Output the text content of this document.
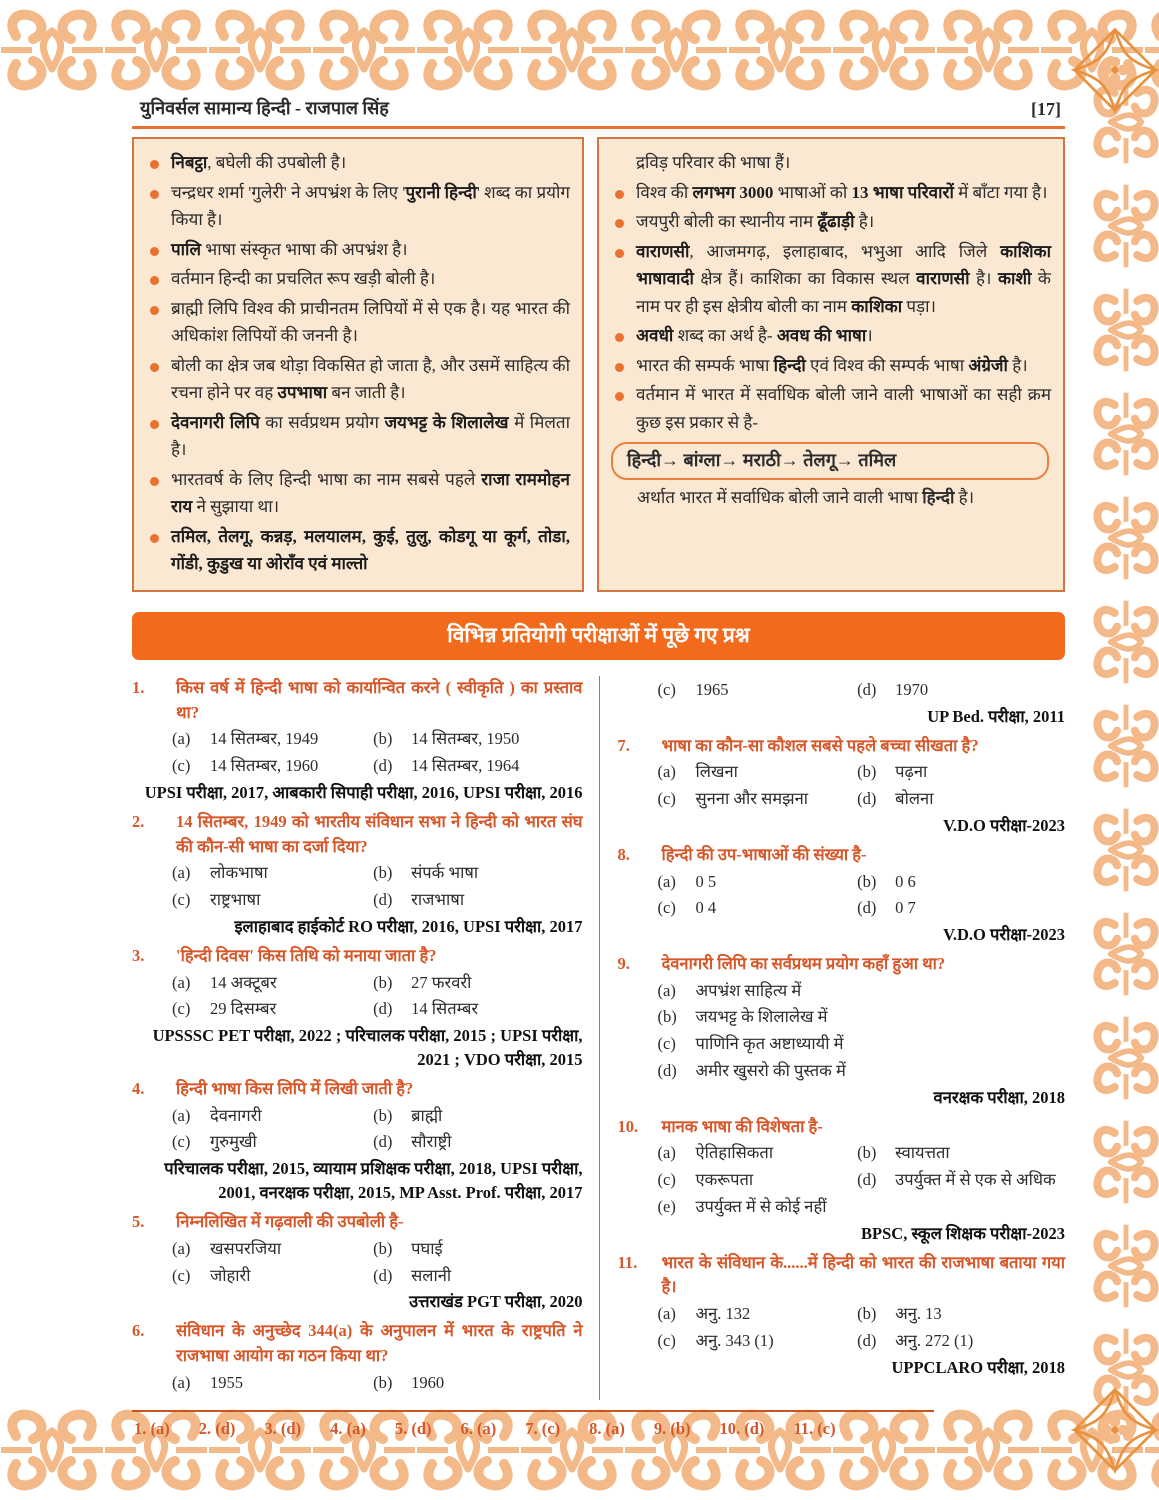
युनिवर्सल सामान्य हिन्दी - राजपाल सिंह	[17]
निबट्ठा, बघेली की उपबोली है।
चन्द्रधर शर्मा 'गुलेरी' ने अपभ्रंश के लिए 'पुरानी हिन्दी' शब्द का प्रयोग किया है।
पालि भाषा संस्कृत भाषा की अपभ्रंश है।
वर्तमान हिन्दी का प्रचलित रूप खड़ी बोली है।
ब्राह्मी लिपि विश्व की प्राचीनतम लिपियों में से एक है। यह भारत की अधिकांश लिपियों की जननी है।
बोली का क्षेत्र जब थोड़ा विकसित हो जाता है, और उसमें साहित्य की रचना होने पर वह उपभाषा बन जाती है।
देवनागरी लिपि का सर्वप्रथम प्रयोग जयभट्ट के शिलालेख में मिलता है।
भारतवर्ष के लिए हिन्दी भाषा का नाम सबसे पहले राजा राममोहन राय ने सुझाया था।
तमिल, तेलगू, कन्नड़, मलयालम, कुई, तुलु, कोडगू या कूर्ग, तोडा, गोंडी, कुडुख या ओराँव एवं माल्तो
द्रविड़ परिवार की भाषा हैं।
विश्व की लगभग 3000 भाषाओं को 13 भाषा परिवारों में बाँटा गया है।
जयपुरी बोली का स्थानीय नाम ढूँढाड़ी है।
वाराणसी, आजमगढ़, इलाहाबाद, भभुआ आदि जिले काशिका भाषावादी क्षेत्र हैं। काशिका का विकास स्थल वाराणसी है। काशी के नाम पर ही इस क्षेत्रीय बोली का नाम काशिका पड़ा।
अवधी शब्द का अर्थ है- अवध की भाषा।
भारत की सम्पर्क भाषा हिन्दी एवं विश्व की सम्पर्क भाषा अंग्रेजी है।
वर्तमान में भारत में सर्वाधिक बोली जाने वाली भाषाओं का सही क्रम कुछ इस प्रकार से है-
हिन्दी→ बांग्ला→ मराठी→ तेलगू→ तमिल
अर्थात भारत में सर्वाधिक बोली जाने वाली भाषा हिन्दी है।
विभिन्न प्रतियोगी परीक्षाओं में पूछे गए प्रश्न
1.	किस वर्ष में हिन्दी भाषा को कार्यान्वित करने ( स्वीकृति ) का प्रस्ताव था?
(a)	14 सितम्बर, 1949	(b)	14 सितम्बर, 1950
(c)	14 सितम्बर, 1960	(d)	14 सितम्बर, 1964
UPSI परीक्षा, 2017, आबकारी सिपाही परीक्षा, 2016, UPSI परीक्षा, 2016
2.	14 सितम्बर, 1949 को भारतीय संविधान सभा ने हिन्दी को भारत संघ की कौन-सी भाषा का दर्जा दिया?
(a)	लोकभाषा	(b)	संपर्क भाषा
(c)	राष्ट्रभाषा	(d)	राजभाषा
इलाहाबाद हाईकोर्ट RO परीक्षा, 2016, UPSI परीक्षा, 2017
3.	'हिन्दी दिवस' किस तिथि को मनाया जाता है?
(a)	14 अक्टूबर	(b)	27 फरवरी
(c)	29 दिसम्बर	(d)	14 सितम्बर
UPSSSC PET परीक्षा, 2022 ; परिचालक परीक्षा, 2015 ; UPSI परीक्षा, 2021 ; VDO परीक्षा, 2015
4.	हिन्दी भाषा किस लिपि में लिखी जाती है?
(a)	देवनागरी	(b)	ब्राह्मी
(c)	गुरुमुखी	(d)	सौराष्ट्री
परिचालक परीक्षा, 2015, व्यायाम प्रशिक्षक परीक्षा, 2018, UPSI परीक्षा, 2001, वनरक्षक परीक्षा, 2015, MP Asst. Prof. परीक्षा, 2017
5.	निम्नलिखित में गढ़वाली की उपबोली है-
(a)	खसपरजिया	(b)	पघाई
(c)	जोहारी	(d)	सलानी
उत्तराखंड PGT परीक्षा, 2020
6.	संविधान के अनुच्छेद 344(a) के अनुपालन में भारत के राष्ट्रपति ने राजभाषा आयोग का गठन किया था?
(a)	1955	(b)	1960
(c)	1965	(d)	1970
UP Bed. परीक्षा, 2011
7.	भाषा का कौन-सा कौशल सबसे पहले बच्चा सीखता है?
(a)	लिखना	(b)	पढ़ना
(c)	सुनना और समझना	(d)	बोलना
V.D.O परीक्षा-2023
8.	हिन्दी की उप-भाषाओं की संख्या है-
(a)	0 5	(b)	0 6
(c)	0 4	(d)	0 7
V.D.O परीक्षा-2023
9.	देवनागरी लिपि का सर्वप्रथम प्रयोग कहाँ हुआ था?
(a)	अपभ्रंश साहित्य में
(b)	जयभट्ट के शिलालेख में
(c)	पाणिनि कृत अष्टाध्यायी में
(d)	अमीर खुसरो की पुस्तक में
वनरक्षक परीक्षा, 2018
10.	मानक भाषा की विशेषता है-
(a)	ऐतिहासिकता	(b)	स्वायत्तता
(c)	एकरूपता	(d)	उपर्युक्त में से एक से अधिक
(e)	उपर्युक्त में से कोई नहीं
BPSC, स्कूल शिक्षक परीक्षा-2023
11.	भारत के संविधान के......में हिन्दी को भारत की राजभाषा बताया गया है।
(a)	अनु. 132	(b)	अनु. 13
(c)	अनु. 343 (1)	(d)	अनु. 272 (1)
UPPCLARO परीक्षा, 2018
1. (a) 2. (d) 3. (d) 4. (a) 5. (d) 6. (a) 7. (c) 8. (a) 9. (b) 10. (d) 11. (c)
